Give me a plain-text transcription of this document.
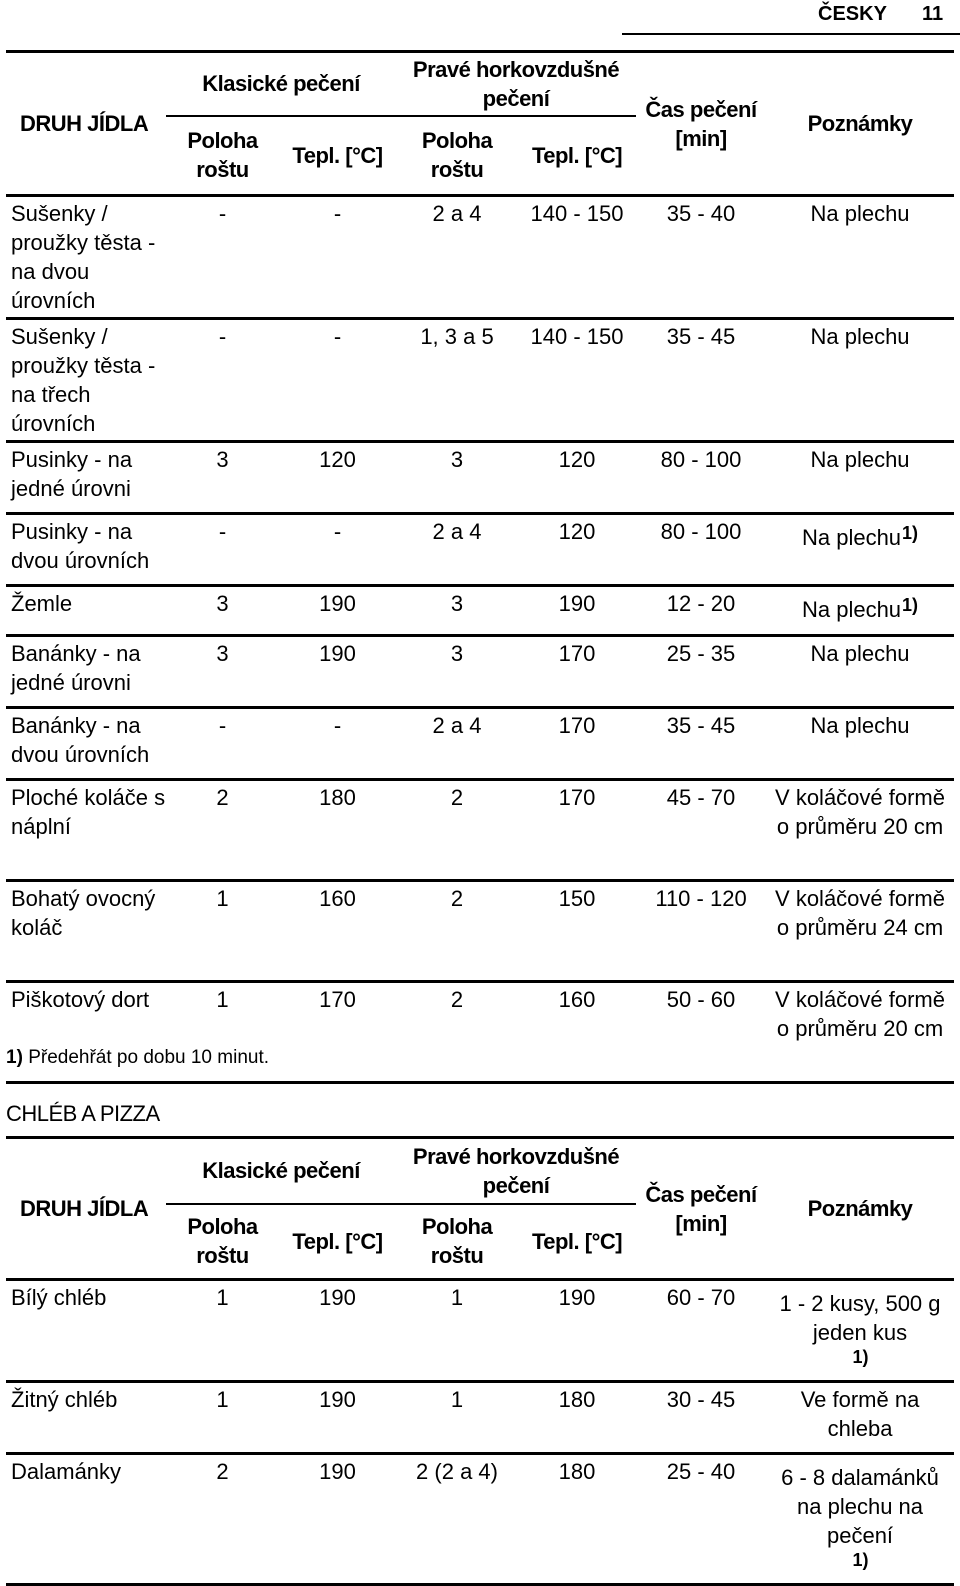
ČESKY 11
DRUH JÍDLA	Klasické pečení		Pravé horkovzdušné pečení		Čas pečení [min]	Poznámky
	Poloha roštu	Tepl. [°C]	Poloha roštu	Tepl. [°C]		
Sušenky / proužky těsta - na dvou úrovních	-	-	2 a 4	140 - 150	35 - 40	Na plechu
Sušenky / proužky těsta - na třech úrovních	-	-	1, 3 a 5	140 - 150	35 - 45	Na plechu
Pusinky - na jedné úrovni	3	120	3	120	80 - 100	Na plechu
Pusinky - na dvou úrovních	-	-	2 a 4	120	80 - 100	Na plechu$^{1)}$
Žemle	3	190	3	190	12 - 20	Na plechu$^{1)}$
Banánky - na jedné úrovni	3	190	3	170	25 - 35	Na plechu
Banánky - na dvou úrovních	-	-	2 a 4	170	35 - 45	Na plechu
Ploché koláče s náplní	2	180	2	170	45 - 70	V koláčové formě o průměru 20 cm
Bohatý ovocný koláč	1	160	2	150	110 - 120	V koláčové formě o průměru 24 cm
Piškotový dort	1	170	2	160	50 - 60	V koláčové formě o průměru 20 cm
1) Předehřát po dobu 10 minut.
CHLÉB A PIZZA
DRUH JÍDLA	Klasické pečení		Pravé horkovzdušné pečení		Čas pečení [min]	Poznámky
	Poloha roštu	Tepl. [°C]	Poloha roštu	Tepl. [°C]		
Bílý chléb	1	190	1	190	60 - 70	1 - 2 kusy, 500 g jeden kus$^{1)}$
Žitný chléb	1	190	1	180	30 - 45	Ve formě na chleba
Dalamánky	2	190	2 (2 a 4)	180	25 - 40	6 - 8 dalamánků na plechu na pečení$^{1)}$
